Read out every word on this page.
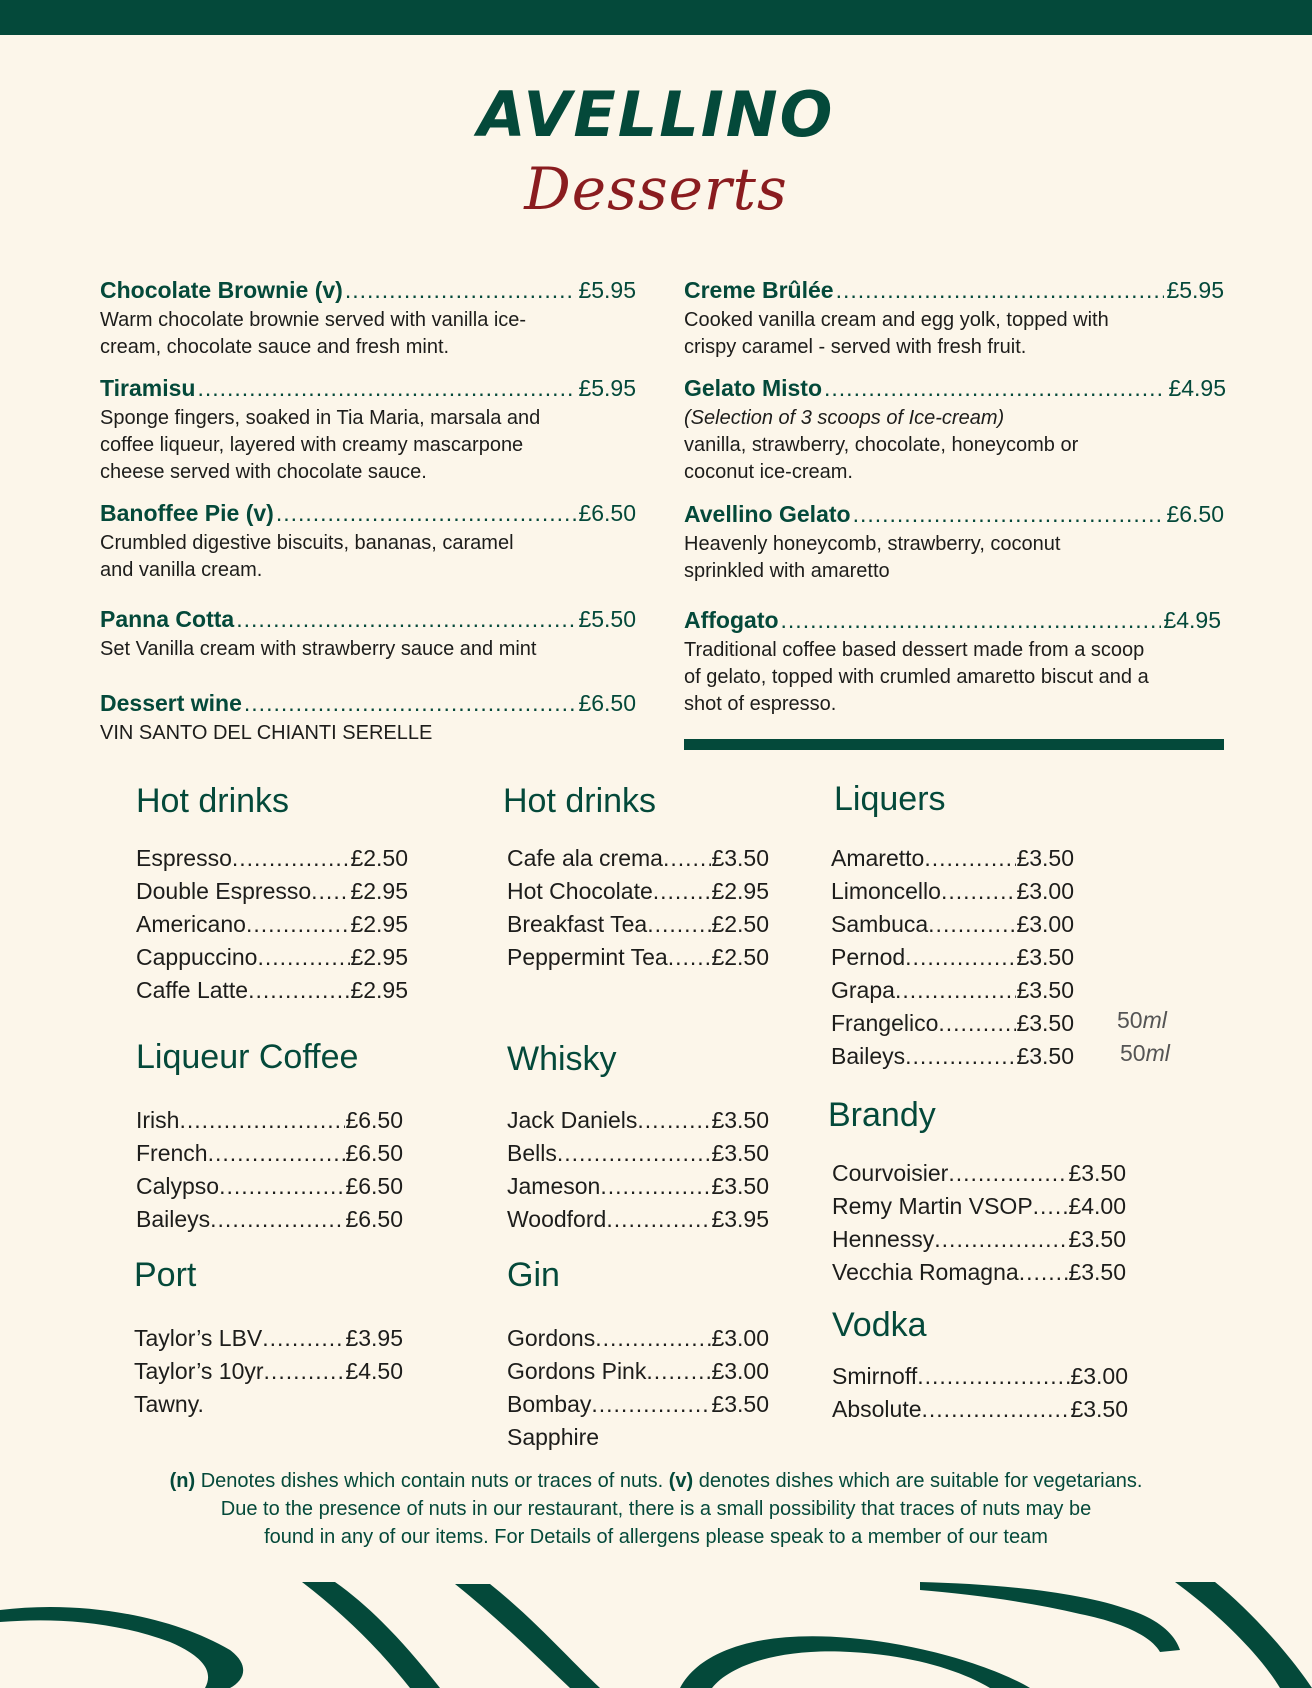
AVELLINO
Desserts
Chocolate Brownie (v) .....	£5.95
Warm chocolate brownie served with vanilla ice-cream, chocolate sauce and fresh mint.
Tiramisu .....	£5.95
Sponge fingers, soaked in Tia Maria, marsala and coffee liqueur, layered with creamy mascarpone cheese served with chocolate sauce.
Banoffee Pie (v) .....	£6.50
Crumbled digestive biscuits, bananas, caramel and vanilla cream.
Panna Cotta .....	£5.50
Set Vanilla cream with strawberry sauce and mint
Dessert wine .....	£6.50
VIN SANTO DEL CHIANTI SERELLE
Creme Brûlée .....	£5.95
Cooked vanilla cream and egg yolk, topped with crispy caramel - served with fresh fruit.
Gelato Misto .....	£4.95
(Selection of 3 scoops of Ice-cream)
vanilla, strawberry, chocolate, honeycomb or coconut ice-cream.
Avellino Gelato .....	£6.50
Heavenly honeycomb, strawberry, coconut sprinkled with amaretto
Affogato .....	£4.95
Traditional coffee based dessert made from a scoop of gelato, topped with crumled amaretto biscut and a shot of espresso.
Hot drinks
Espresso .....	£2.50
Double Espresso ..... £2.95
Americano .....	£2.95
Cappuccino .....	£2.95
Caffe Latte .....	£2.95
Hot drinks
Cafe ala crema ..... £3.50
Hot Chocolate .....	£2.95
Breakfast Tea .....	£2.50
Peppermint Tea ..... £2.50
Liquers
Amaretto .....	£3.50
Limoncello .....	£3.00
Sambuca .....	£3.00
Pernod .....	£3.50
Grapa .....	£3.50
Frangelico .....	£3.50
Baileys .....	£3.50
50ml
50ml
Liqueur Coffee
Irish .....	£6.50
French .....	£6.50
Calypso .....	£6.50
Baileys .....	£6.50
Whisky
Jack Daniels .....	£3.50
Bells .....	£3.50
Jameson .....	£3.50
Woodford .....	£3.95
Brandy
Courvoisier .....	£3.50
Remy Martin VSOP ..... £4.00
Hennessy .....	£3.50
Vecchia Romagna ..... £3.50
Port
Taylor’s LBV .....	£3.95
Taylor’s 10yr .....	£4.50
Tawny.
Gin
Gordons .....	£3.00
Gordons Pink .....	£3.00
Bombay .....	£3.50
Sapphire
Vodka
Smirnoff .....	£3.00
Absolute .....	£3.50
(n) Denotes dishes which contain nuts or traces of nuts. (v) denotes dishes which are suitable for vegetarians.
Due to the presence of nuts in our restaurant, there is a small possibility that traces of nuts may be
found in any of our items. For Details of allergens please speak to a member of our team
